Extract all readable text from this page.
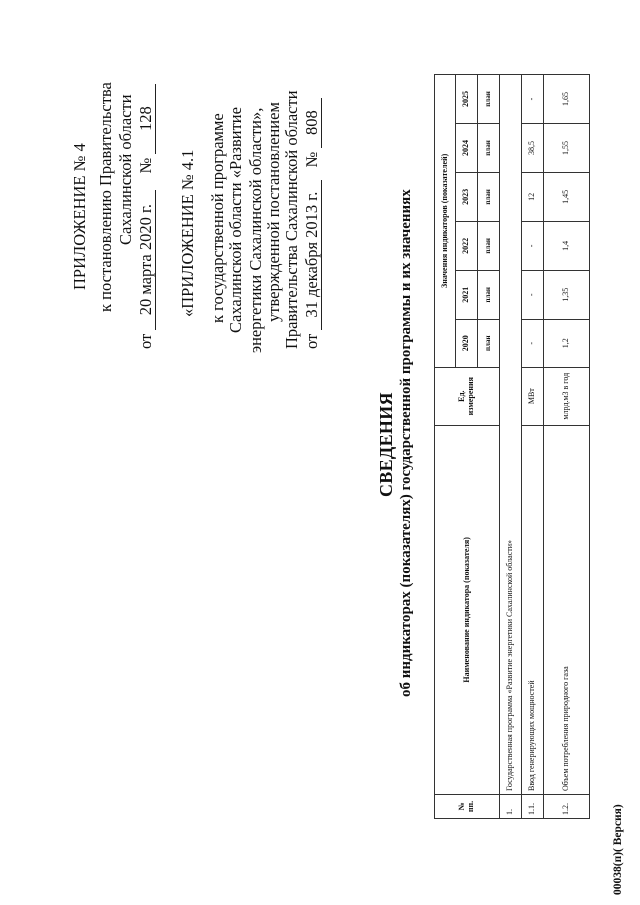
ПРИЛОЖЕНИЕ № 4 к постановлению Правительства Сахалинской области
от 20 марта 2020 г. № 128
«ПРИЛОЖЕНИЕ № 4.1 к государственной программе Сахалинской области «Развитие энергетики Сахалинской области», утвержденной постановлением Правительства Сахалинской области от 31 декабря 2013 г. № 808
СВЕДЕНИЯ об индикаторах (показателях) государственной программы и их значениях
№ пп.	Наименование индикатора (показателя)	Ед. измерения	Значения индикаторов (показателей)					
			2020	2021	2022	2023	2024	2025
			план	план	план	план	план	план
1.	Государственная программа «Развитие энергетики Сахалинской области»							
1.1.	Ввод генерирующих мощностей	МВт	-	-	-	12	38,5	-
1.2.	Объем потребления природного газа	млрд.м3 в год	1,2	1,35	1,4	1,45	1,55	1,65
00038(п)( Версия)
